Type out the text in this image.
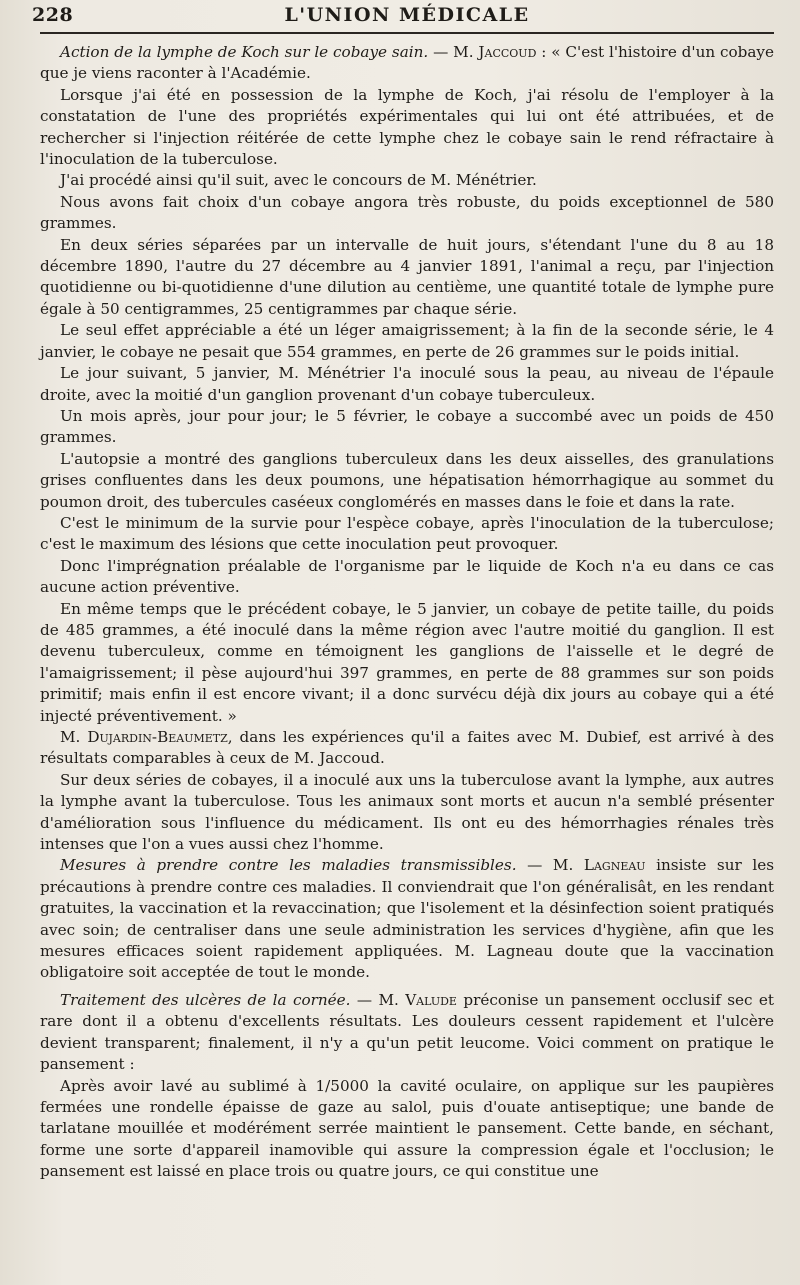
228	L'UNION MÉDICALE

Action de la lymphe de Koch sur le cobaye sain. — M. Jaccoud : « C'est l'histoire d'un cobaye que je viens raconter à l'Académie.

Lorsque j'ai été en possession de la lymphe de Koch, j'ai résolu de l'employer à la constatation de l'une des propriétés expérimentales qui lui ont été attribuées, et de rechercher si l'injection réitérée de cette lymphe chez le cobaye sain le rend réfractaire à l'inoculation de la tuberculose.

J'ai procédé ainsi qu'il suit, avec le concours de M. Ménétrier.

Nous avons fait choix d'un cobaye angora très robuste, du poids exceptionnel de 580 grammes.

En deux séries séparées par un intervalle de huit jours, s'étendant l'une du 8 au 18 décembre 1890, l'autre du 27 décembre au 4 janvier 1891, l'animal a reçu, par l'injection quotidienne ou bi-quotidienne d'une dilution au centième, une quantité totale de lymphe pure égale à 50 centigrammes, 25 centigrammes par chaque série.

Le seul effet appréciable a été un léger amaigrissement; à la fin de la seconde série, le 4 janvier, le cobaye ne pesait que 554 grammes, en perte de 26 grammes sur le poids initial.

Le jour suivant, 5 janvier, M. Ménétrier l'a inoculé sous la peau, au niveau de l'épaule droite, avec la moitié d'un ganglion provenant d'un cobaye tuberculeux.

Un mois après, jour pour jour; le 5 février, le cobaye a succombé avec un poids de 450 grammes.

L'autopsie a montré des ganglions tuberculeux dans les deux aisselles, des granulations grises confluentes dans les deux poumons, une hépatisation hémorrhagique au sommet du poumon droit, des tubercules caséeux conglomérés en masses dans le foie et dans la rate.

C'est le minimum de la survie pour l'espèce cobaye, après l'inoculation de la tuberculose; c'est le maximum des lésions que cette inoculation peut provoquer.

Donc l'imprégnation préalable de l'organisme par le liquide de Koch n'a eu dans ce cas aucune action préventive.

En même temps que le précédent cobaye, le 5 janvier, un cobaye de petite taille, du poids de 485 grammes, a été inoculé dans la même région avec l'autre moitié du ganglion. Il est devenu tuberculeux, comme en témoignent les ganglions de l'aisselle et le degré de l'amaigrissement; il pèse aujourd'hui 397 grammes, en perte de 88 grammes sur son poids primitif; mais enfin il est encore vivant; il a donc survécu déjà dix jours au cobaye qui a été injecté préventivement. »

M. Dujardin-Beaumetz, dans les expériences qu'il a faites avec M. Dubief, est arrivé à des résultats comparables à ceux de M. Jaccoud.

Sur deux séries de cobayes, il a inoculé aux uns la tuberculose avant la lymphe, aux autres la lymphe avant la tuberculose. Tous les animaux sont morts et aucun n'a semblé présenter d'amélioration sous l'influence du médicament. Ils ont eu des hémorrhagies rénales très intenses que l'on a vues aussi chez l'homme.

Mesures à prendre contre les maladies transmissibles. — M. Lagneau insiste sur les précautions à prendre contre ces maladies. Il conviendrait que l'on généralisât, en les rendant gratuites, la vaccination et la revaccination; que l'isolement et la désinfection soient pratiqués avec soin; de centraliser dans une seule administration les services d'hygiène, afin que les mesures efficaces soient rapidement appliquées. M. Lagneau doute que la vaccination obligatoire soit acceptée de tout le monde.

Traitement des ulcères de la cornée. — M. Valude préconise un pansement occlusif sec et rare dont il a obtenu d'excellents résultats. Les douleurs cessent rapidement et l'ulcère devient transparent; finalement, il n'y a qu'un petit leucome. Voici comment on pratique le pansement :

Après avoir lavé au sublimé à 1/5000 la cavité oculaire, on applique sur les paupières fermées une rondelle épaisse de gaze au salol, puis d'ouate antiseptique; une bande de tarlatane mouillée et modérément serrée maintient le pansement. Cette bande, en séchant, forme une sorte d'appareil inamovible qui assure la compression égale et l'occlusion; le pansement est laissé en place trois ou quatre jours, ce qui constitue une
